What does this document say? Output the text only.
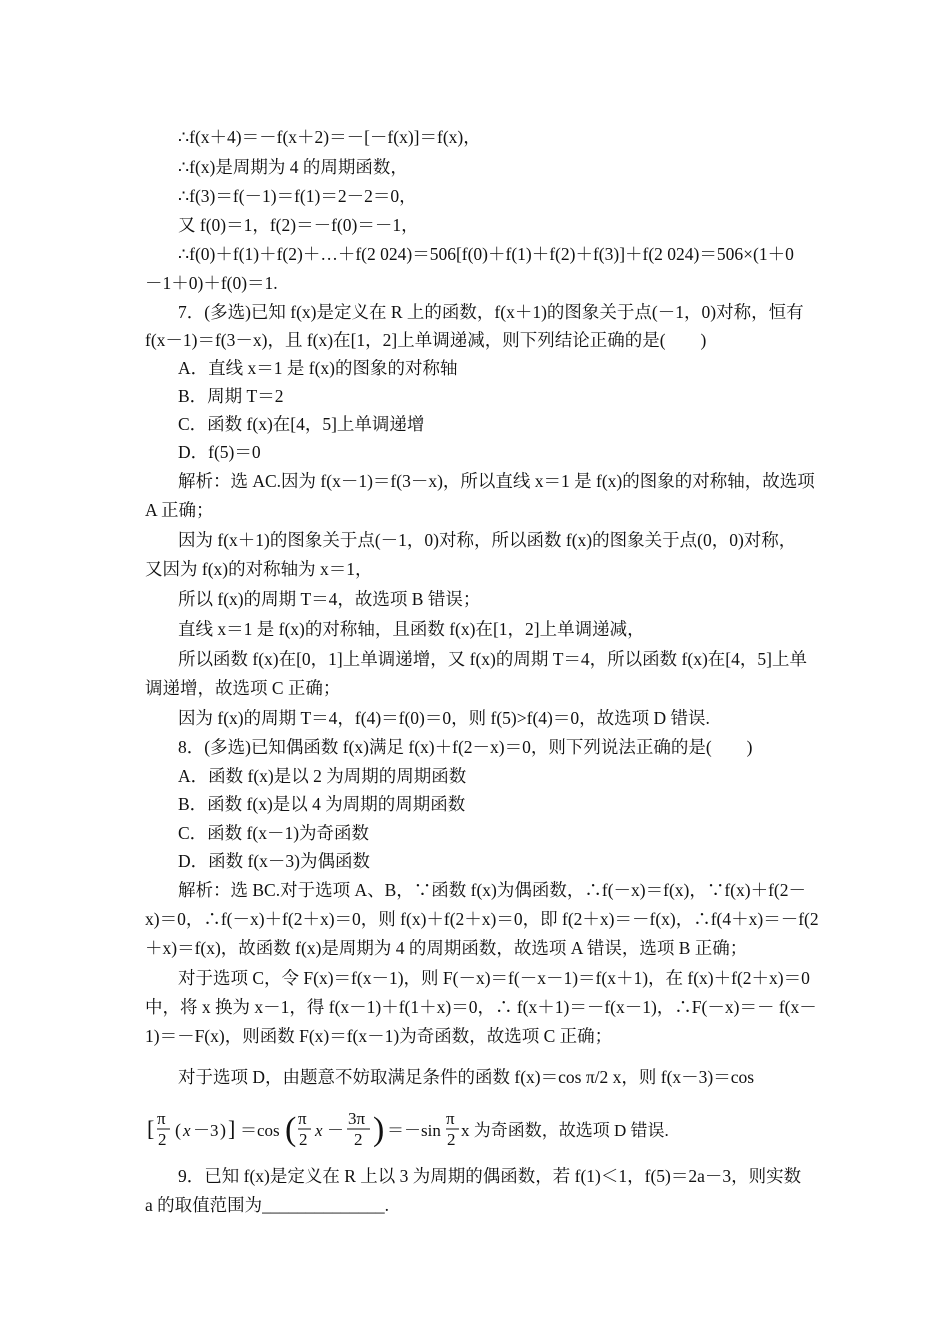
∴f(x＋4)＝－f(x＋2)＝－[－f(x)]＝f(x)，
∴f(x)是周期为 4 的周期函数，
∴f(3)＝f(－1)＝f(1)＝2－2＝0，
又 f(0)＝1，f(2)＝－f(0)＝－1，
∴f(0)＋f(1)＋f(2)＋…＋f(2 024)＝506[f(0)＋f(1)＋f(2)＋f(3)]＋f(2 024)＝506×(1＋0
－1＋0)＋f(0)＝1.
7．(多选)已知 f(x)是定义在 R 上的函数，f(x＋1)的图象关于点(－1，0)对称，恒有
f(x－1)＝f(3－x)，且 f(x)在[1，2]上单调递减，则下列结论正确的是(　　)
A．直线 x＝1 是 f(x)的图象的对称轴
B．周期 T＝2
C．函数 f(x)在[4，5]上单调递增
D．f(5)＝0
解析：选 AC.因为 f(x－1)＝f(3－x)，所以直线 x＝1 是 f(x)的图象的对称轴，故选项
A 正确；
因为 f(x＋1)的图象关于点(－1，0)对称，所以函数 f(x)的图象关于点(0，0)对称，
又因为 f(x)的对称轴为 x＝1，
所以 f(x)的周期 T＝4，故选项 B 错误；
直线 x＝1 是 f(x)的对称轴，且函数 f(x)在[1，2]上单调递减，
所以函数 f(x)在[0，1]上单调递增，又 f(x)的周期 T＝4，所以函数 f(x)在[4，5]上单
调递增，故选项 C 正确；
因为 f(x)的周期 T＝4，f(4)＝f(0)＝0，则 f(5)>f(4)＝0，故选项 D 错误.
8．(多选)已知偶函数 f(x)满足 f(x)＋f(2－x)＝0，则下列说法正确的是(　　)
A．函数 f(x)是以 2 为周期的周期函数
B．函数 f(x)是以 4 为周期的周期函数
C．函数 f(x－1)为奇函数
D．函数 f(x－3)为偶函数
解析：选 BC.对于选项 A、B，∵函数 f(x)为偶函数，∴f(－x)＝f(x)，∵f(x)＋f(2－
x)＝0，∴f(－x)＋f(2＋x)＝0，则 f(x)＋f(2＋x)＝0，即 f(2＋x)＝－f(x)，∴f(4＋x)＝－f(2
＋x)＝f(x)，故函数 f(x)是周期为 4 的周期函数，故选项 A 错误，选项 B 正确；
对于选项 C，令 F(x)＝f(x－1)，则 F(－x)＝f(－x－1)＝f(x＋1)，在 f(x)＋f(2＋x)＝0
中，将 x 换为 x－1，得 f(x－1)＋f(1＋x)＝0，∴ f(x＋1)＝－f(x－1)，∴F(－x)＝－ f(x－
1)＝－F(x)，则函数 F(x)＝f(x－1)为奇函数，故选项 C 正确；
对于选项 D，由题意不妨取满足条件的函数 f(x)＝cos π/2 x，则 f(x－3)＝cos
[ π
2 ( x －3 ) ] ＝cos ( π
2 x －
3π
2 ) ＝－sin
π
2 x 为奇函数，故选项 D 错误.
9．已知 f(x)是定义在 R 上以 3 为周期的偶函数，若 f(1)＜1，f(5)＝2a－3，则实数
a 的取值范围为______________.
